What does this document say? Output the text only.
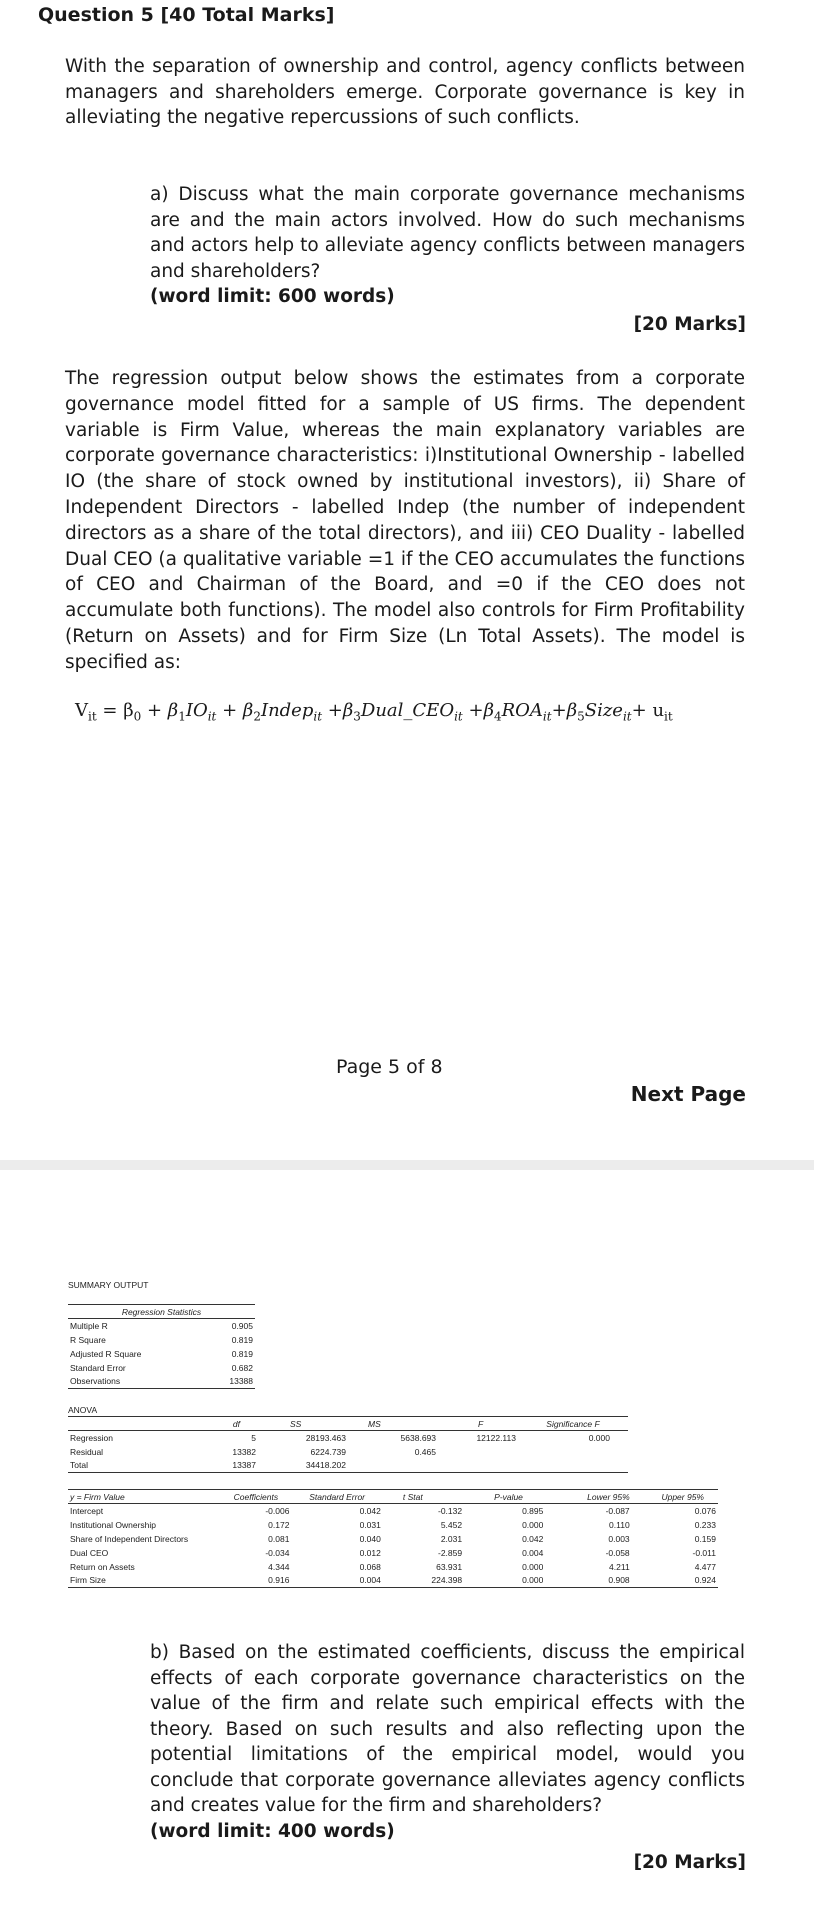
Question 5 [40 Total Marks]

With the separation of ownership and control, agency conflicts between managers and shareholders emerge. Corporate governance is key in alleviating the negative repercussions of such conflicts.

a) Discuss what the main corporate governance mechanisms are and the main actors involved. How do such mechanisms and actors help to alleviate agency conflicts between managers and shareholders?
(word limit: 600 words)
[20 Marks]

The regression output below shows the estimates from a corporate governance model fitted for a sample of US firms. The dependent variable is Firm Value, whereas the main explanatory variables are corporate governance characteristics: i)Institutional Ownership - labelled IO (the share of stock owned by institutional investors), ii) Share of Independent Directors - labelled Indep (the number of independent directors as a share of the total directors), and iii) CEO Duality - labelled Dual CEO (a qualitative variable =1 if the CEO accumulates the functions of CEO and Chairman of the Board, and =0 if the CEO does not accumulate both functions). The model also controls for Firm Profitability (Return on Assets) and for Firm Size (Ln Total Assets). The model is specified as:

$V_{it} = \beta_0 + \beta_1IO_{it}$ + $\beta_2Indep_{it}$ $+\beta_3Dual\_CEO_{it}$ $+\beta_4ROA_{it}+\beta_5Size_{it}+ u_{it}$
Page 5 of 8
Next Page
SUMMARY OUTPUT
Regression Statistics	
Multiple R	0.905
R Square	0.819
Adjusted R Square	0.819
Standard Error	0.682
Observations	13388
ANOVA
	df	SS	MS	F	Significance F
Regression	5	28193.463	5638.693	12122.113	0.000
Residual	13382	6224.739	0.465		
Total	13387	34418.202			
y = Firm Value	Coefficients	Standard Error	t Stat	P-value	Lower 95%	Upper 95%
Intercept	-0.006	0.042	-0.132	0.895	-0.087	0.076
Institutional Ownership	0.172	0.031	5.452	0.000	0.110	0.233
Share of Independent Directors	0.081	0.040	2.031	0.042	0.003	0.159
Dual CEO	-0.034	0.012	-2.859	0.004	-0.058	-0.011
Return on Assets	4.344	0.068	63.931	0.000	4.211	4.477
Firm Size	0.916	0.004	224.398	0.000	0.908	0.924
b) Based on the estimated coefficients, discuss the empirical effects of each corporate governance characteristics on the value of the firm and relate such empirical effects with the theory. Based on such results and also reflecting upon the potential limitations of the empirical model, would you conclude that corporate governance alleviates agency conflicts and creates value for the firm and shareholders?
(word limit: 400 words)
[20 Marks]
